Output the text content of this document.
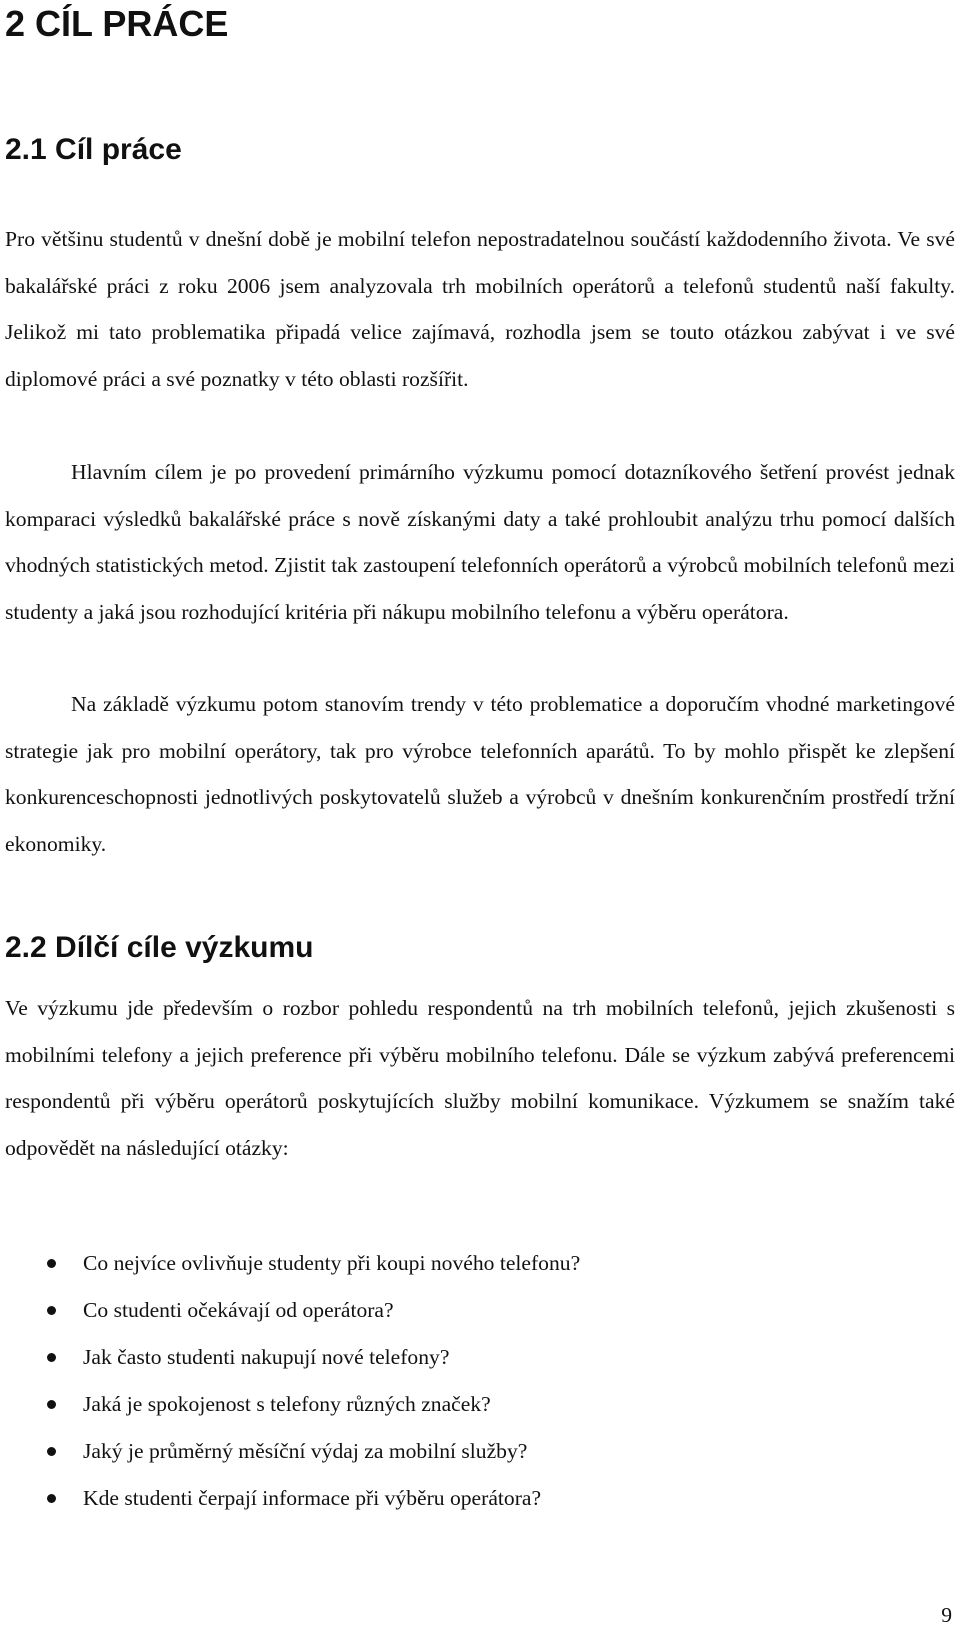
2 CÍL PRÁCE
2.1 Cíl práce

Pro většinu studentů v dnešní době je mobilní telefon nepostradatelnou součástí každodenního života. Ve své bakalářské práci z roku 2006 jsem analyzovala trh mobilních operátorů a telefonů studentů naší fakulty. Jelikož mi tato problematika připadá velice zajímavá, rozhodla jsem se touto otázkou zabývat i ve své diplomové práci a své poznatky v této oblasti rozšířit.

Hlavním cílem je po provedení primárního výzkumu pomocí dotazníkového šetření provést jednak komparaci výsledků bakalářské práce s nově získanými daty a také prohloubit analýzu trhu pomocí dalších vhodných statistických metod. Zjistit tak zastoupení telefonních operátorů a výrobců mobilních telefonů mezi studenty a jaká jsou rozhodující kritéria při nákupu mobilního telefonu a výběru operátora.

Na základě výzkumu potom stanovím trendy v této problematice a doporučím vhodné marketingové strategie jak pro mobilní operátory, tak pro výrobce telefonních aparátů. To by mohlo přispět ke zlepšení konkurenceschopnosti jednotlivých poskytovatelů služeb a výrobců v dnešním konkurenčním prostředí tržní ekonomiky.

2.2 Dílčí cíle výzkumu

Ve výzkumu jde především o rozbor pohledu respondentů na trh mobilních telefonů, jejich zkušenosti s mobilními telefony a jejich preference při výběru mobilního telefonu. Dále se výzkum zabývá preferencemi respondentů při výběru operátorů poskytujících služby mobilní komunikace. Výzkumem se snažím také odpovědět na následující otázky:

Co nejvíce ovlivňuje studenty při koupi nového telefonu?
Co studenti očekávají od operátora?
Jak často studenti nakupují nové telefony?
Jaká je spokojenost s telefony různých značek?
Jaký je průměrný měsíční výdaj za mobilní služby?
Kde studenti čerpají informace při výběru operátora?
9
